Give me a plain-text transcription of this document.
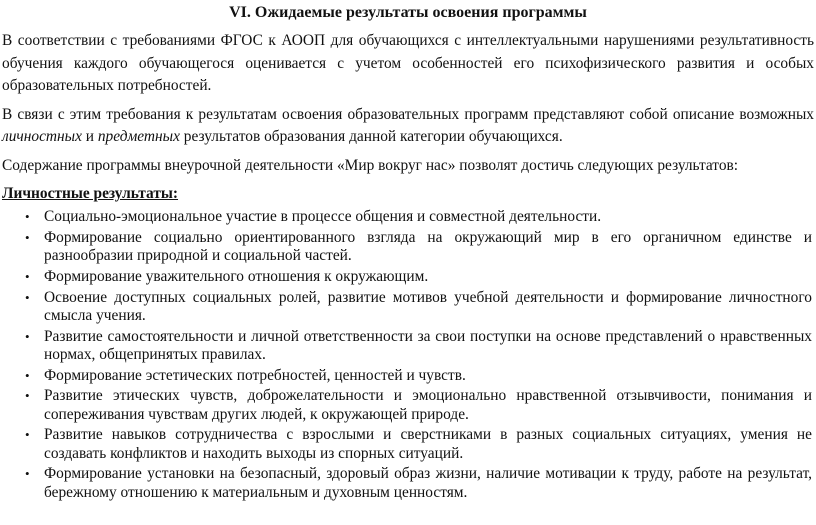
VI. Ожидаемые результаты освоения программы

В соответствии с требованиями ФГОС к АООП для обучающихся с интеллектуальными нарушениями результативность обучения каждого обучающегося оценивается с учетом особенностей его психофизического развития и особых образовательных потребностей.

В связи с этим требования к результатам освоения образовательных программ представляют собой описание возможных личностных и предметных результатов образования данной категории обучающихся.

Содержание программы внеурочной деятельности «Мир вокруг нас» позволят достичь следующих результатов:

Личностные результаты:
• Социально-эмоциональное участие в процессе общения и совместной деятельности.
• Формирование социально ориентированного взгляда на окружающий мир в его органичном единстве и разнообразии природной и социальной частей.
• Формирование уважительного отношения к окружающим.
• Освоение доступных социальных ролей, развитие мотивов учебной деятельности и формирование личностного смысла учения.
• Развитие самостоятельности и личной ответственности за свои поступки на основе представлений о нравственных нормах, общепринятых правилах.
• Формирование эстетических потребностей, ценностей и чувств.
• Развитие этических чувств, доброжелательности и эмоционально нравственной отзывчивости, понимания и сопереживания чувствам других людей, к окружающей природе.
• Развитие навыков сотрудничества с взрослыми и сверстниками в разных социальных ситуациях, умения не создавать конфликтов и находить выходы из спорных ситуаций.
• Формирование установки на безопасный, здоровый образ жизни, наличие мотивации к труду, работе на результат, бережному отношению к материальным и духовным ценностям.
